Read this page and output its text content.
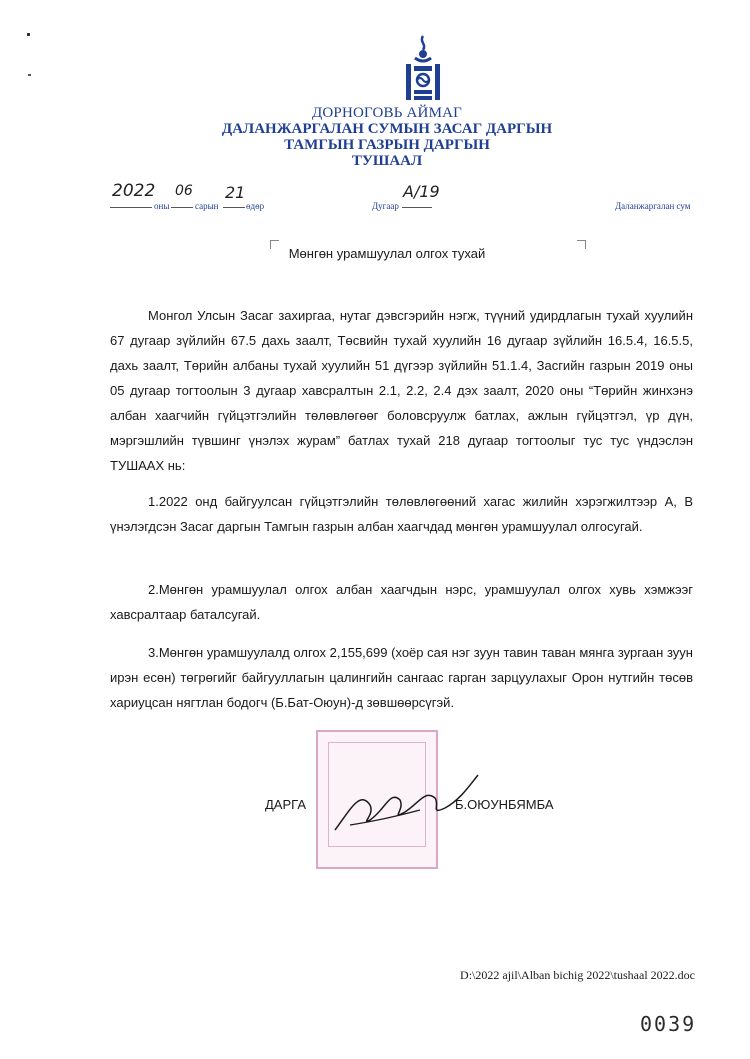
ДОРНОГОВЬ АЙМАГ
ДАЛАНЖАРГАЛАН СУМЫН ЗАСАГ ДАРГЫН
ТАМГЫН ГАЗРЫН ДАРГЫН
ТУШААЛ
2022
оны
06
сарын
21
өдөр	Дугаар
А/19
Даланжаргалан сум
Мөнгөн урамшуулал олгох тухай
Монгол Улсын Засаг захиргаа, нутаг дэвсгэрийн нэгж, түүний удирдлагын тухай хуулийн 67 дугаар зүйлийн 67.5 дахь заалт, Төсвийн тухай хуулийн 16 дугаар зүйлийн 16.5.4, 16.5.5, дахь заалт, Төрийн албаны тухай хуулийн 51 дүгээр зүйлийн 51.1.4, Засгийн газрын 2019 оны 05 дугаар тогтоолын 3 дугаар хавсралтын 2.1, 2.2, 2.4 дэх заалт, 2020 оны “Төрийн жинхэнэ албан хаагчийн гүйцэтгэлийн төлөвлөгөөг боловсруулж батлах, ажлын гүйцэтгэл, үр дүн, мэргэшлийн түвшинг үнэлэх журам” батлах тухай 218 дугаар тогтоолыг тус тус үндэслэн ТУШААХ нь:
1.2022 онд байгуулсан гүйцэтгэлийн төлөвлөгөөний хагас жилийн хэрэгжилтээр А, В үнэлэгдсэн Засаг даргын Тамгын газрын албан хаагчдад мөнгөн урамшуулал олгосугай.
2.Мөнгөн урамшуулал олгох албан хаагчдын нэрс, урамшуулал олгох хувь хэмжээг хавсралтаар баталсугай.
3.Мөнгөн урамшуулалд олгох 2,155,699 (хоёр сая нэг зуун тавин таван мянга зургаан зуун ирэн есөн) төгрөгийг байгууллагын цалингийн сангаас гарган зарцуулахыг Орон нутгийн төсөв хариуцсан нягтлан бодогч (Б.Бат-Оюун)-д зөвшөөрсүгэй.
ДАРГА	Б.ОЮУНБЯМБА
D:\2022 ajil\Alban bichig 2022\tushaal 2022.doc
0039
